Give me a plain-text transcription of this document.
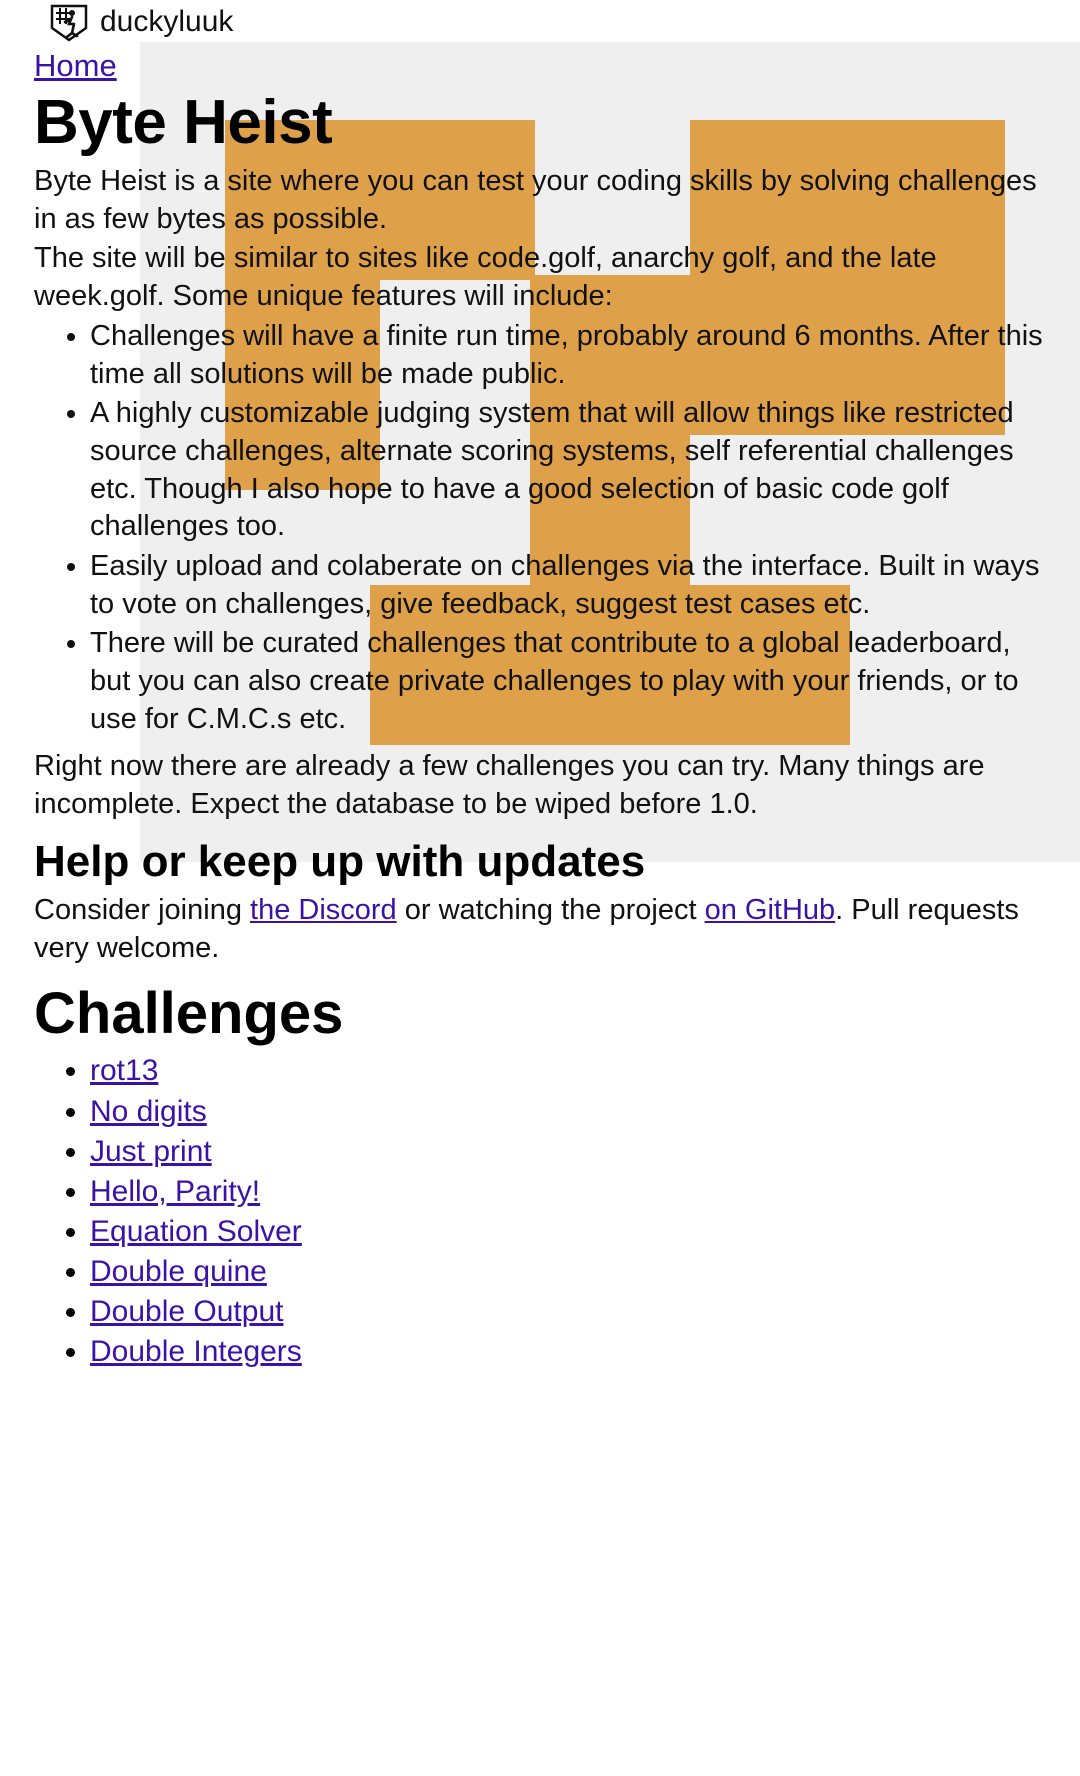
duckyluuk
Home
Byte Heist

Byte Heist is a site where you can test your coding skills by solving challenges in as few bytes as possible.

The site will be similar to sites like code.golf, anarchy golf, and the late week.golf. Some unique features will include:

• Challenges will have a finite run time, probably around 6 months. After this time all solutions will be made public.
• A highly customizable judging system that will allow things like restricted source challenges, alternate scoring systems, self referential challenges etc. Though I also hope to have a good selection of basic code golf challenges too.
• Easily upload and colaberate on challenges via the interface. Built in ways to vote on challenges, give feedback, suggest test cases etc.
• There will be curated challenges that contribute to a global leaderboard, but you can also create private challenges to play with your friends, or to use for C.M.C.s etc.

Right now there are already a few challenges you can try. Many things are incomplete. Expect the database to be wiped before 1.0.

Help or keep up with updates

Consider joining the Discord or watching the project on GitHub. Pull requests very welcome.

Challenges
• rot13
• No digits
• Just print
• Hello, Parity!
• Equation Solver
• Double quine
• Double Output
• Double Integers
